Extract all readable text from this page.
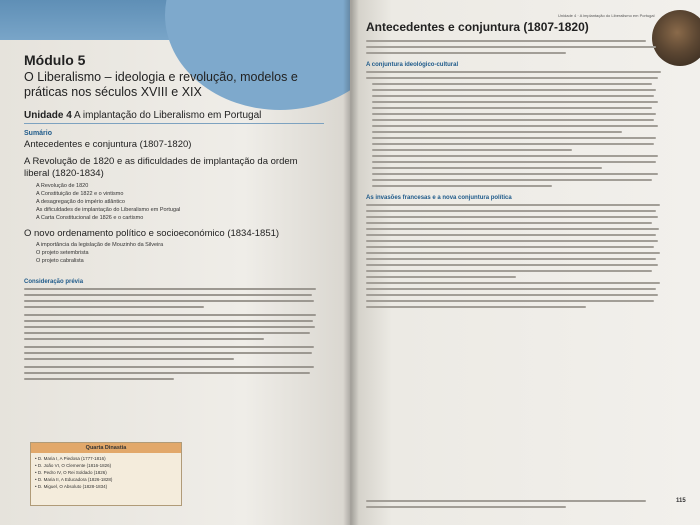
Módulo 5
O Liberalismo – ideologia e revolução, modelos e práticas nos séculos XVIII e XIX
Unidade 4 A implantação do Liberalismo em Portugal
Sumário
Antecedentes e conjuntura (1807-1820)
A Revolução de 1820 e as dificuldades de implantação da ordem liberal (1820-1834)
A Revolução de 1820
A Constituição de 1822 e o vintismo
A desagregação do império atlântico
As dificuldades de implantação do Liberalismo em Portugal
A Carta Constitucional de 1826 e o cartismo
O novo ordenamento político e socioeconómico (1834-1851)
A importância da legislação de Mouzinho da Silveira
O projeto setembrista
O projeto cabralista
Consideração prévia
Quarta Dinastia
• D. Maria I, A Piedosa (1777-1816)
• D. João VI, O Clemente (1816-1826)
• D. Pedro IV, O Rei Soldado (1826)
• D. Maria II, A Educadora (1826-1828)
• D. Miguel, O Absoluto (1828-1834)
Unidade 4 · A implantação do Liberalismo em Portugal
Antecedentes e conjuntura (1807-1820)
A conjuntura ideológico-cultural
As invasões francesas e a nova conjuntura política
115
